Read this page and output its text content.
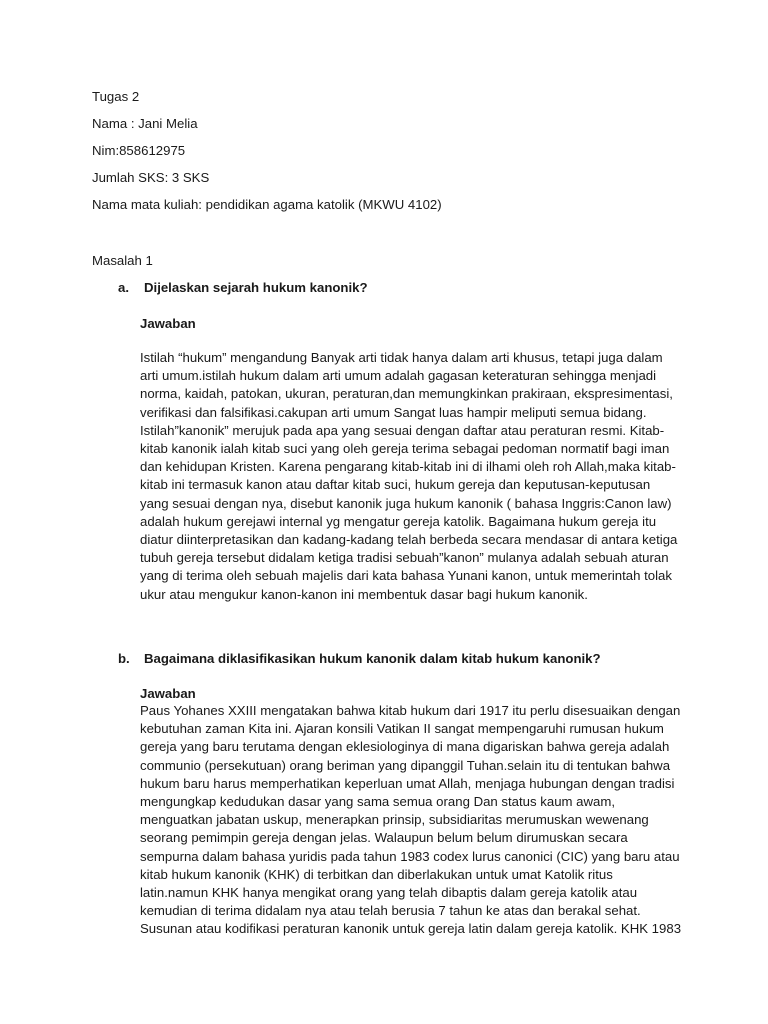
Tugas 2
Nama : Jani Melia
Nim:858612975
Jumlah SKS: 3 SKS
Nama mata kuliah: pendidikan agama katolik (MKWU 4102)
Masalah 1
a. Dijelaskan sejarah hukum kanonik?
Jawaban
Istilah “hukum” mengandung Banyak arti tidak hanya dalam arti khusus, tetapi juga dalam
arti umum.istilah hukum dalam arti umum adalah gagasan keteraturan sehingga menjadi
norma, kaidah, patokan, ukuran, peraturan,dan memungkinkan prakiraan, ekspresimentasi,
verifikasi dan falsifikasi.cakupan arti umum Sangat luas hampir meliputi semua bidang.
Istilah”kanonik” merujuk pada apa yang sesuai dengan daftar atau peraturan resmi. Kitab-
kitab kanonik ialah kitab suci yang oleh gereja terima sebagai pedoman normatif bagi iman
dan kehidupan Kristen. Karena pengarang kitab-kitab ini di ilhami oleh roh Allah,maka kitab-
kitab ini termasuk kanon atau daftar kitab suci, hukum gereja dan keputusan-keputusan
yang sesuai dengan nya, disebut kanonik juga hukum kanonik ( bahasa Inggris:Canon law)
adalah hukum gerejawi internal yg mengatur gereja katolik. Bagaimana hukum gereja itu
diatur diinterpretasikan dan kadang-kadang telah berbeda secara mendasar di antara ketiga
tubuh gereja tersebut didalam ketiga tradisi sebuah”kanon” mulanya adalah sebuah aturan
yang di terima oleh sebuah majelis dari kata bahasa Yunani kanon, untuk memerintah tolak
ukur atau mengukur kanon-kanon ini membentuk dasar bagi hukum kanonik.
b. Bagaimana diklasifikasikan hukum kanonik dalam kitab hukum kanonik?
Jawaban
Paus Yohanes XXIII mengatakan bahwa kitab hukum dari 1917 itu perlu disesuaikan dengan
kebutuhan zaman Kita ini. Ajaran konsili Vatikan II sangat mempengaruhi rumusan hukum
gereja yang baru terutama dengan eklesiologinya di mana digariskan bahwa gereja adalah
communio (persekutuan) orang beriman yang dipanggil Tuhan.selain itu di tentukan bahwa
hukum baru harus memperhatikan keperluan umat Allah, menjaga hubungan dengan tradisi
mengungkap kedudukan dasar yang sama semua orang Dan status kaum awam,
menguatkan jabatan uskup, menerapkan prinsip, subsidiaritas merumuskan wewenang
seorang pemimpin gereja dengan jelas. Walaupun belum belum dirumuskan secara
sempurna dalam bahasa yuridis pada tahun 1983 codex lurus canonici (CIC) yang baru atau
kitab hukum kanonik (KHK) di terbitkan dan diberlakukan untuk umat Katolik ritus
latin.namun KHK hanya mengikat orang yang telah dibaptis dalam gereja katolik atau
kemudian di terima didalam nya atau telah berusia 7 tahun ke atas dan berakal sehat.
Susunan atau kodifikasi peraturan kanonik untuk gereja latin dalam gereja katolik. KHK 1983
